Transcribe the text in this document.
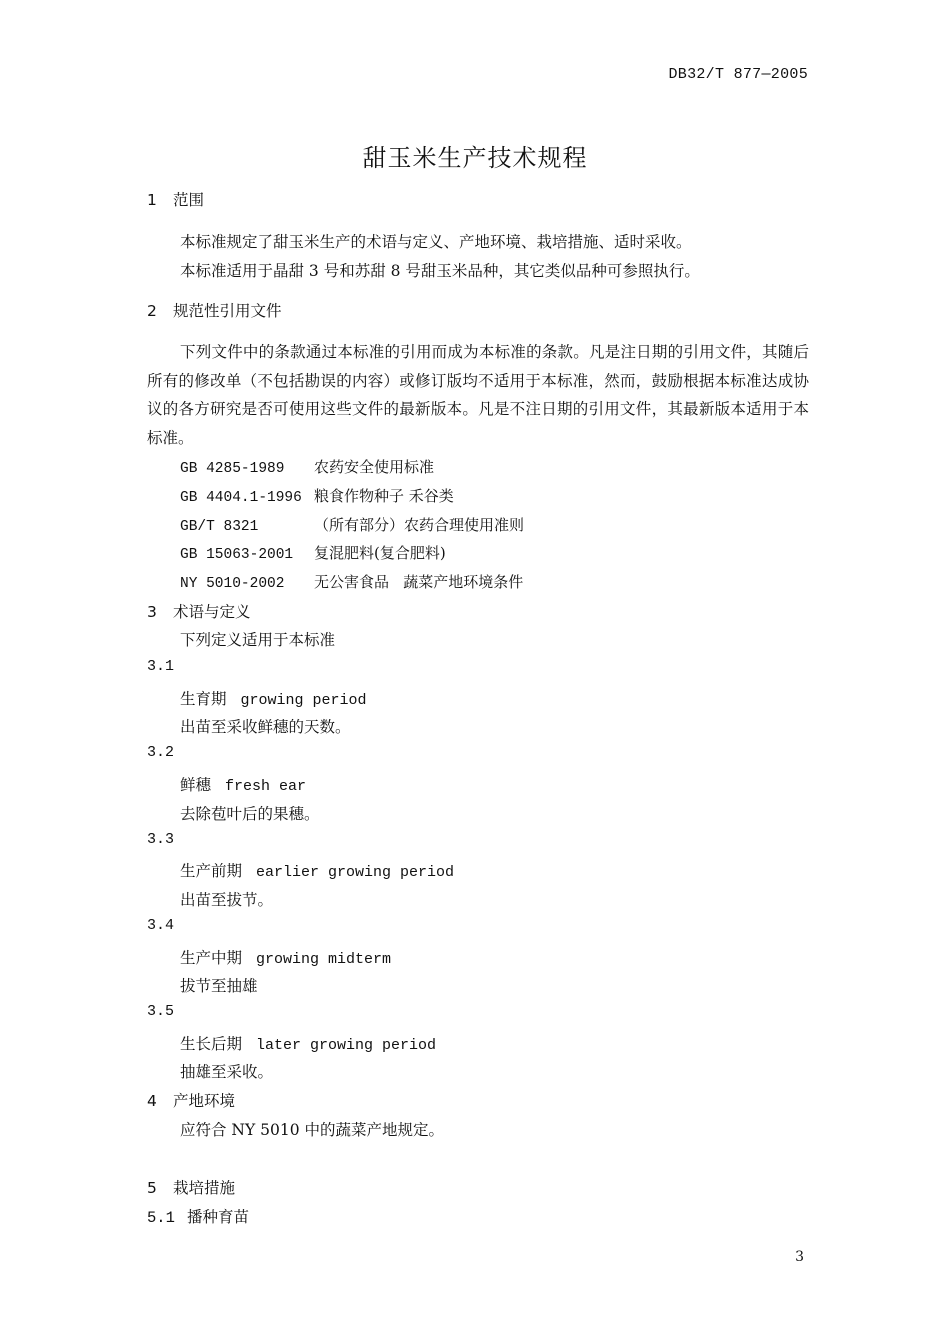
DB32/T 877—2005
甜玉米生产技术规程
1 范围
本标准规定了甜玉米生产的术语与定义、产地环境、栽培措施、适时采收。
本标准适用于晶甜 3 号和苏甜 8 号甜玉米品种，其它类似品种可参照执行。
2 规范性引用文件
下列文件中的条款通过本标准的引用而成为本标准的条款。凡是注日期的引用文件，其随后所有的修改单（不包括勘误的内容）或修订版均不适用于本标准，然而，鼓励根据本标准达成协议的各方研究是否可使用这些文件的最新版本。凡是不注日期的引用文件，其最新版本适用于本标准。
GB 4285-1989 农药安全使用标准
GB 4404.1-1996 粮食作物种子 禾谷类
GB/T 8321	（所有部分）农药合理使用准则
GB 15063-2001 复混肥料(复合肥料)
NY 5010-2002 无公害食品   蔬菜产地环境条件
3 术语与定义
下列定义适用于本标准
3.1
生育期 growing period
出苗至采收鲜穗的天数。
3.2
鲜穗 fresh ear
去除苞叶后的果穗。
3.3
生产前期 earlier growing period
出苗至拔节。
3.4
生产中期 growing midterm
拔节至抽雄
3.5
生长后期 later growing period
抽雄至采收。
4 产地环境
应符合 NY 5010 中的蔬菜产地规定。
5 栽培措施
5.1 播种育苗
3
